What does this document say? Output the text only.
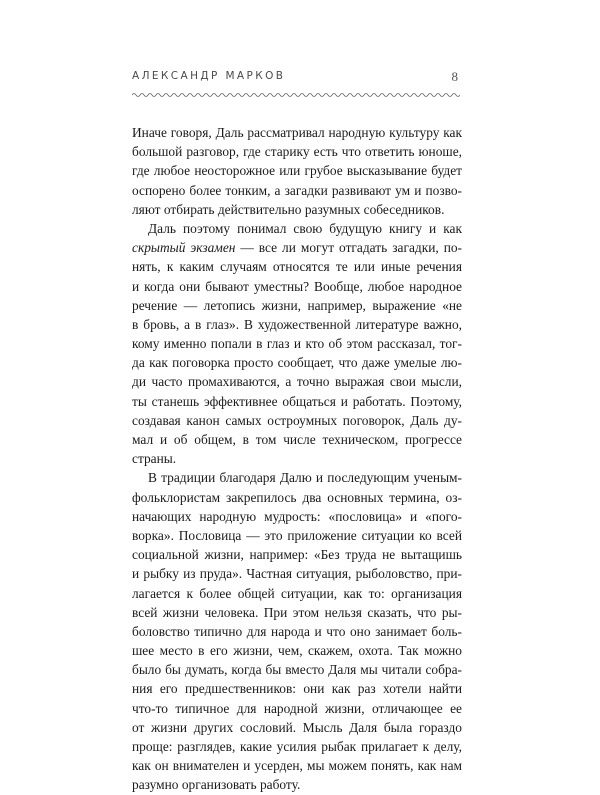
АЛЕКСАНДР МАРКОВ	8
Иначе говоря, Даль рассматривал народную культуру как
большой разговор, где старику есть что ответить юноше,
где любое неосторожное или грубое высказывание будет
оспорено более тонким, а загадки развивают ум и позво-
ляют отбирать действительно разумных собеседников.
Даль поэтому понимал свою будущую книгу и как
скрытый экзамен — все ли могут отгадать загадки, по-
нять, к каким случаям относятся те или иные речения
и когда они бывают уместны? Вообще, любое народное
речение — летопись жизни, например, выражение «не
в бровь, а в глаз». В художественной литературе важно,
кому именно попали в глаз и кто об этом рассказал, тог-
да как поговорка просто сообщает, что даже умелые лю-
ди часто промахиваются, а точно выражая свои мысли,
ты станешь эффективнее общаться и работать. Поэтому,
создавая канон самых остроумных поговорок, Даль ду-
мал и об общем, в том числе техническом, прогрессе
страны.
В традиции благодаря Далю и последующим ученым-
фольклористам закрепилось два основных термина, оз-
начающих народную мудрость: «пословица» и «пого-
ворка». Пословица — это приложение ситуации ко всей
социальной жизни, например: «Без труда не вытащишь
и рыбку из пруда». Частная ситуация, рыболовство, при-
лагается к более общей ситуации, как то: организация
всей жизни человека. При этом нельзя сказать, что ры-
боловство типично для народа и что оно занимает боль-
шее место в его жизни, чем, скажем, охота. Так можно
было бы думать, когда бы вместо Даля мы читали собра-
ния его предшественников: они как раз хотели найти
что-то типичное для народной жизни, отличающее ее
от жизни других сословий. Мысль Даля была гораздо
проще: разглядев, какие усилия рыбак прилагает к делу,
как он внимателен и усерден, мы можем понять, как нам
разумно организовать работу.
